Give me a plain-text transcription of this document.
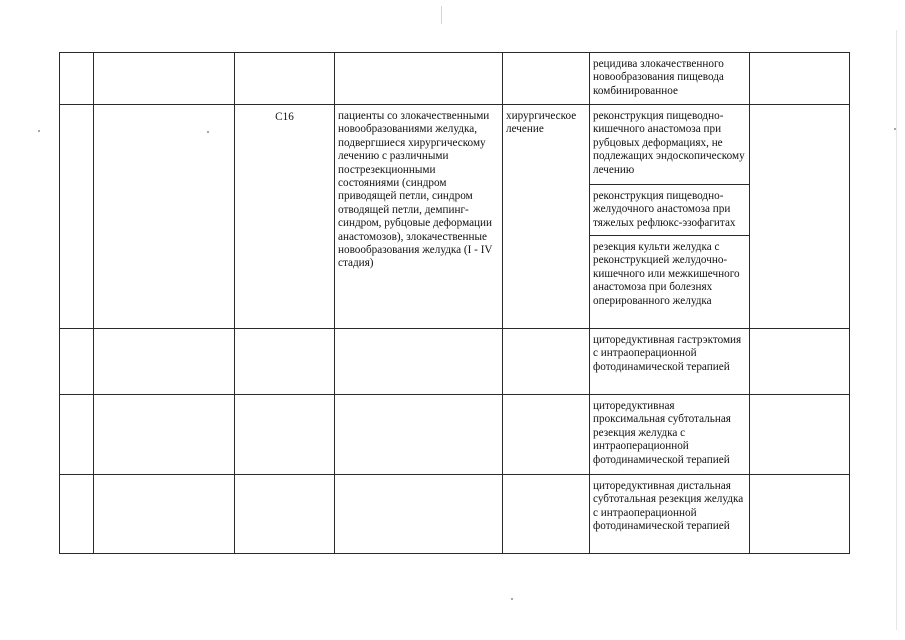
					рецидива злокачественного новообразования пищевода комбинированное	

		C16	пациенты со злокачественными новообразованиями желудка, подвергшиеся хирургическому лечению с различными пострезекционными состояниями (синдром приводящей петли, синдром отводящей петли, демпинг-синдром, рубцовые деформации анастомозов), злокачественные новообразования желудка (I - IV стадия)	хирургическое лечение	реконструкция пищеводно-кишечного анастомоза при рубцовых деформациях, не подлежащих эндоскопическому лечению	

					реконструкция пищеводно-желудочного анастомоза при тяжелых рефлюкс-эзофагитах	

					резекция культи желудка с реконструкцией желудочно-кишечного или межкишечного анастомоза при болезнях оперированного желудка	

					циторедуктивная гастрэктомия с интраоперационной фотодинамической терапией	

					циторедуктивная проксимальная субтотальная резекция желудка с интраоперационной фотодинамической терапией	

					циторедуктивная дистальная субтотальная резекция желудка с интраоперационной фотодинамической терапией	
